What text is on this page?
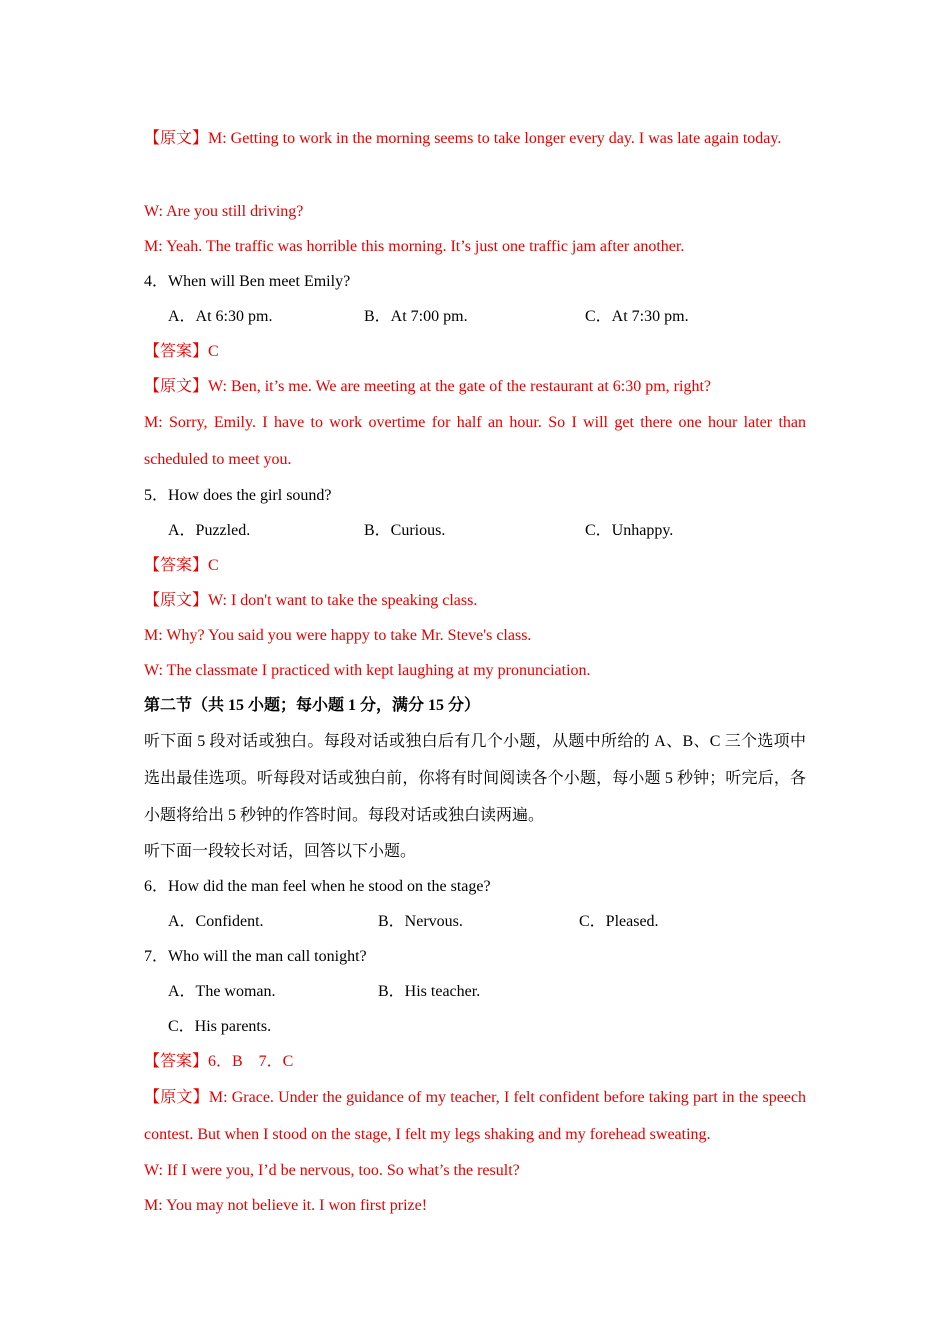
【原文】M: Getting to work in the morning seems to take longer every day. I was late again today.
W: Are you still driving?
M: Yeah. The traffic was horrible this morning. It’s just one traffic jam after another.
4．When will Ben meet Emily?
A．At 6:30 pm.	B．At 7:00 pm.	C．At 7:30 pm.
【答案】C
【原文】W: Ben, it’s me. We are meeting at the gate of the restaurant at 6:30 pm, right?
M: Sorry, Emily. I have to work overtime for half an hour. So I will get there one hour later than scheduled to meet you.
5．How does the girl sound?
A．Puzzled.	B．Curious.	C．Unhappy.
【答案】C
【原文】W: I don't want to take the speaking class.
M: Why? You said you were happy to take Mr. Steve's class.
W: The classmate I practiced with kept laughing at my pronunciation.
第二节（共 15 小题；每小题 1 分，满分 15 分）
听下面 5 段对话或独白。每段对话或独白后有几个小题，从题中所给的 A、B、C 三个选项中选出最佳选项。听每段对话或独白前，你将有时间阅读各个小题，每小题 5 秒钟；听完后，各小题将给出 5 秒钟的作答时间。每段对话或独白读两遍。
听下面一段较长对话，回答以下小题。
6．How did the man feel when he stood on the stage?
A．Confident.	B．Nervous.	C．Pleased.
7．Who will the man call tonight?
A．The woman.	B．His teacher.
C．His parents.
【答案】6．B　7．C
【原文】M: Grace. Under the guidance of my teacher, I felt confident before taking part in the speech contest. But when I stood on the stage, I felt my legs shaking and my forehead sweating.
W: If I were you, I’d be nervous, too. So what’s the result?
M: You may not believe it. I won first prize!
